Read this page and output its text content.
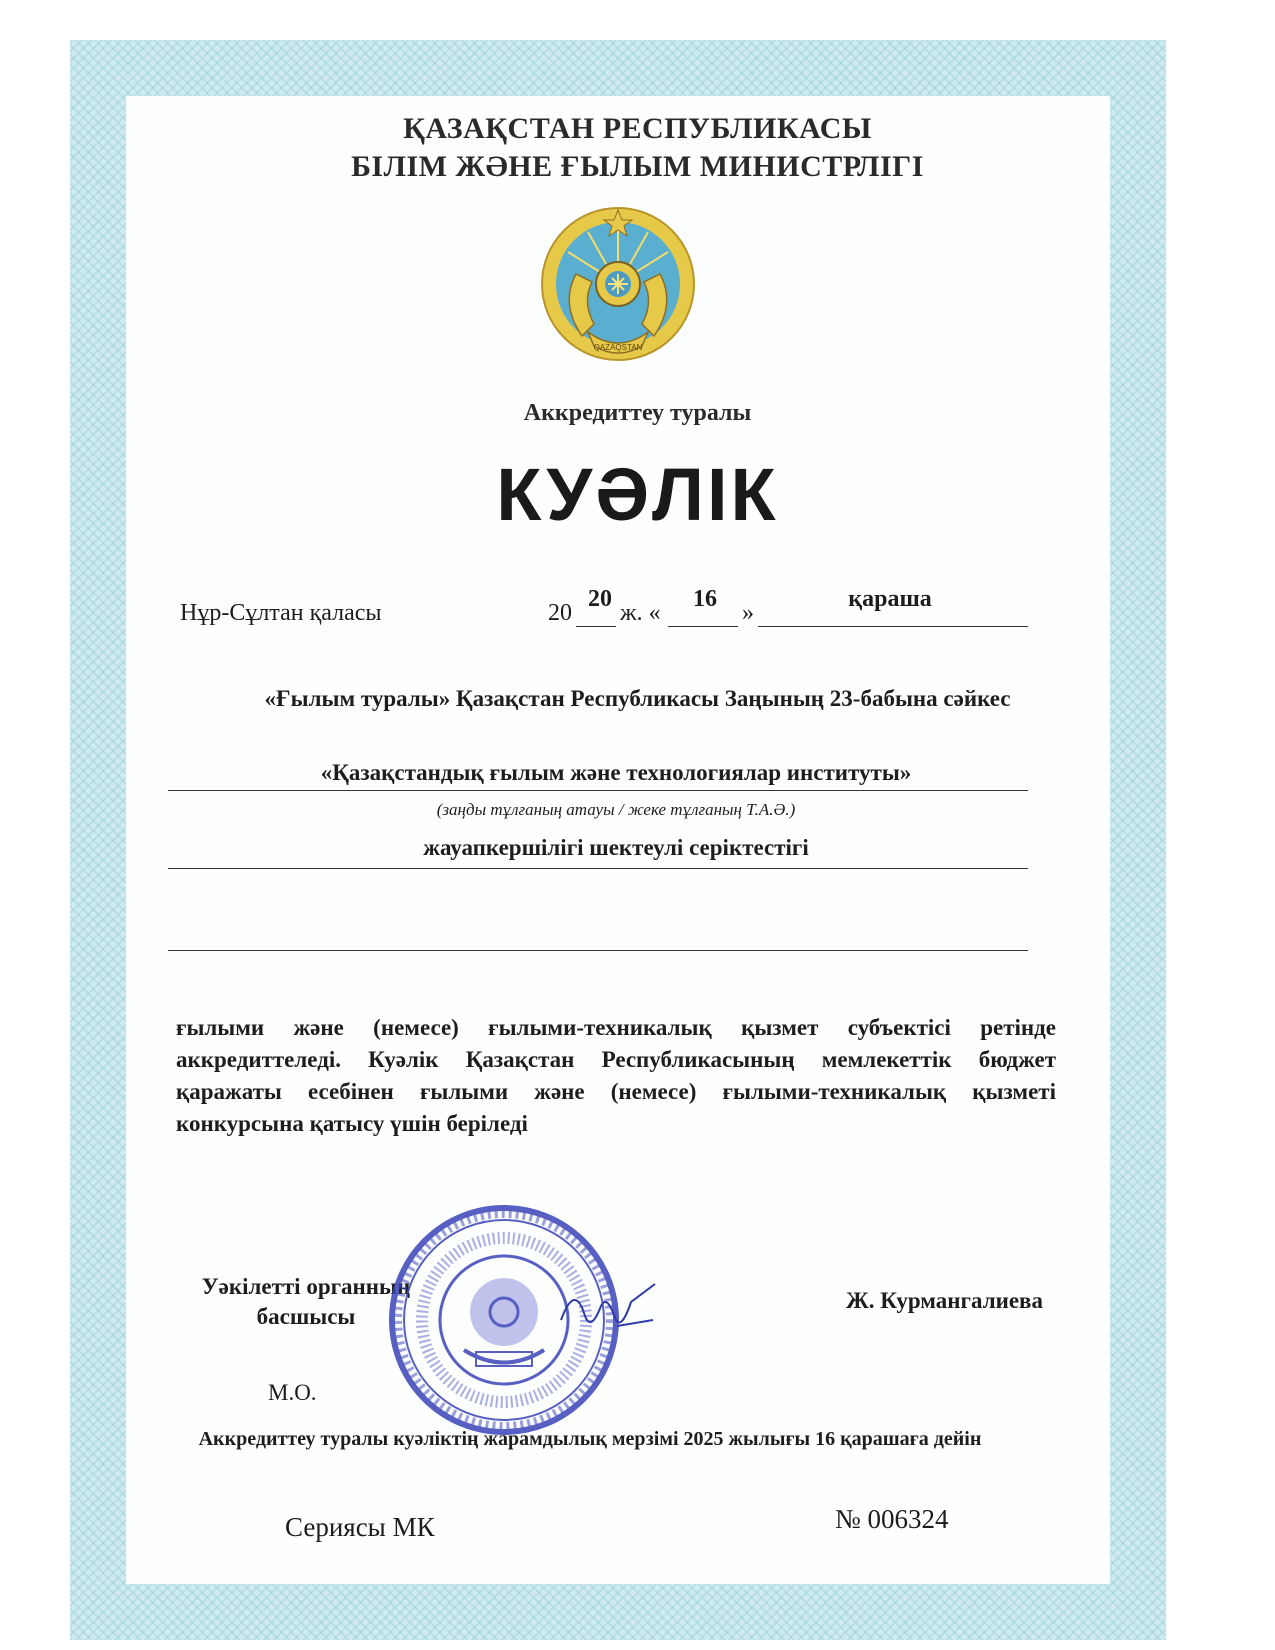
ҚАЗАҚСТАН РЕСПУБЛИКАСЫ
БІЛІМ ЖӘНЕ ҒЫЛЫМ МИНИСТРЛІГІ
QAZAQSTAN
Аккредиттеу туралы
КУӘЛІК
Нұр-Сұлтан қаласы	20
20
ж. «
16
»
қараша
«Ғылым туралы» Қазақстан Республикасы Заңының 23-бабына сәйкес
«Қазақстандық ғылым және технологиялар институты»
(заңды тұлғаның атауы / жеке тұлғаның Т.А.Ә.)
жауапкершілігі шектеулі серіктестігі
ғылыми және (немесе) ғылыми-техникалық қызмет субъектісі ретінде аккредиттеледі. Куәлік Қазақстан Республикасының мемлекеттік бюджет қаражаты есебінен ғылыми және (немесе) ғылыми-техникалық қызметі конкурсына қатысу үшін беріледі
Уәкілетті органның
басшысы
М.О.
Ж. Курмангалиева
Аккредиттеу туралы куәліктің жарамдылық мерзімі 2025 жылығы 16 қарашаға дейін
Сериясы МК	№ 006324
